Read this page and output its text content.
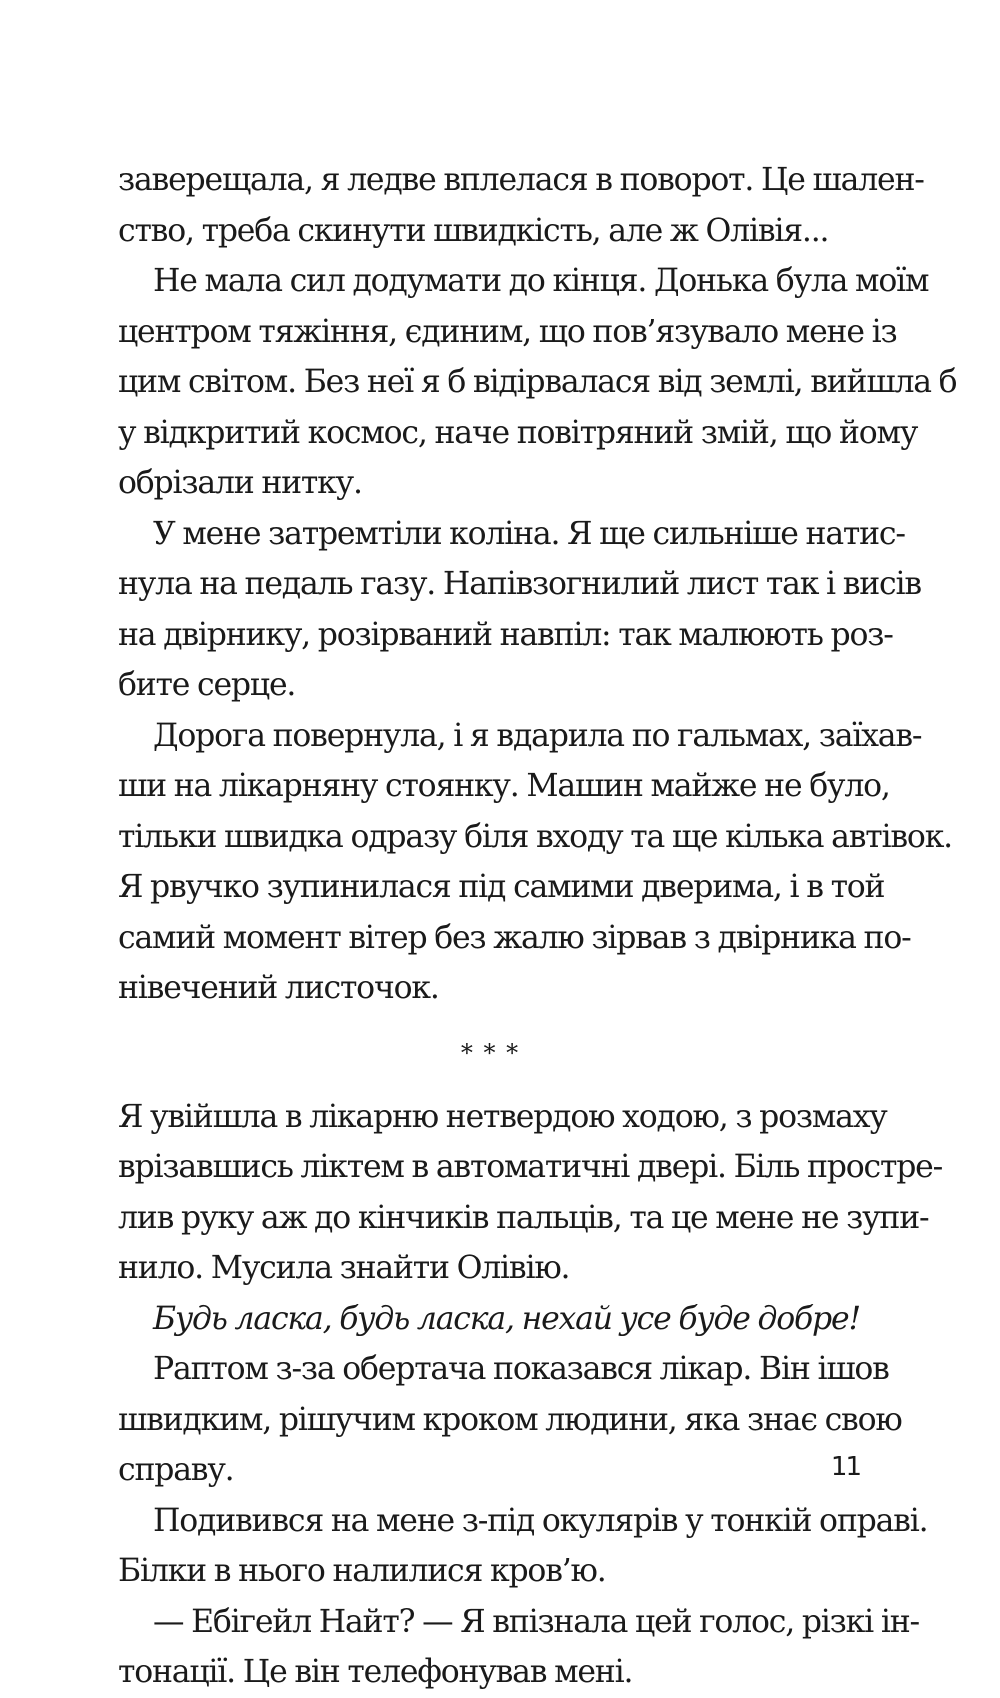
заверещала, я ледве вплелася в поворот. Це шален-
ство, треба скинути швидкість, але ж Олівія...
Не мала сил додумати до кінця. Донька була моїм
центром тяжіння, єдиним, що пов’язувало мене із
цим світом. Без неї я б відірвалася від землі, вийшла б
у відкритий космос, наче повітряний змій, що йому
обрізали нитку.
У мене затремтіли коліна. Я ще сильніше натис-
нула на педаль газу. Напівзогнилий лист так і висів
на двірнику, розірваний навпіл: так малюють роз-
бите серце.
Дорога повернула, і я вдарила по гальмах, заїхав-
ши на лікарняну стоянку. Машин майже не було,
тільки швидка одразу біля входу та ще кілька автівок.
Я рвучко зупинилася під самими дверима, і в той
самий момент вітер без жалю зірвав з двірника по-
нівечений листочок.
* * *
Я увійшла в лікарню нетвердою ходою, з розмаху
врізавшись ліктем в автоматичні двері. Біль простре-
лив руку аж до кінчиків пальців, та це мене не зупи-
нило. Мусила знайти Олівію.
Будь ласка, будь ласка, нехай усе буде добре!
Раптом з-за обертача показався лікар. Він ішов
швидким, рішучим кроком людини, яка знає свою
справу.
Подивився на мене з-під окулярів у тонкій оправі.
Білки в нього налилися кров’ю.
— Ебігейл Найт? — Я впізнала цей голос, різкі ін-
тонації. Це він телефонував мені.
11
